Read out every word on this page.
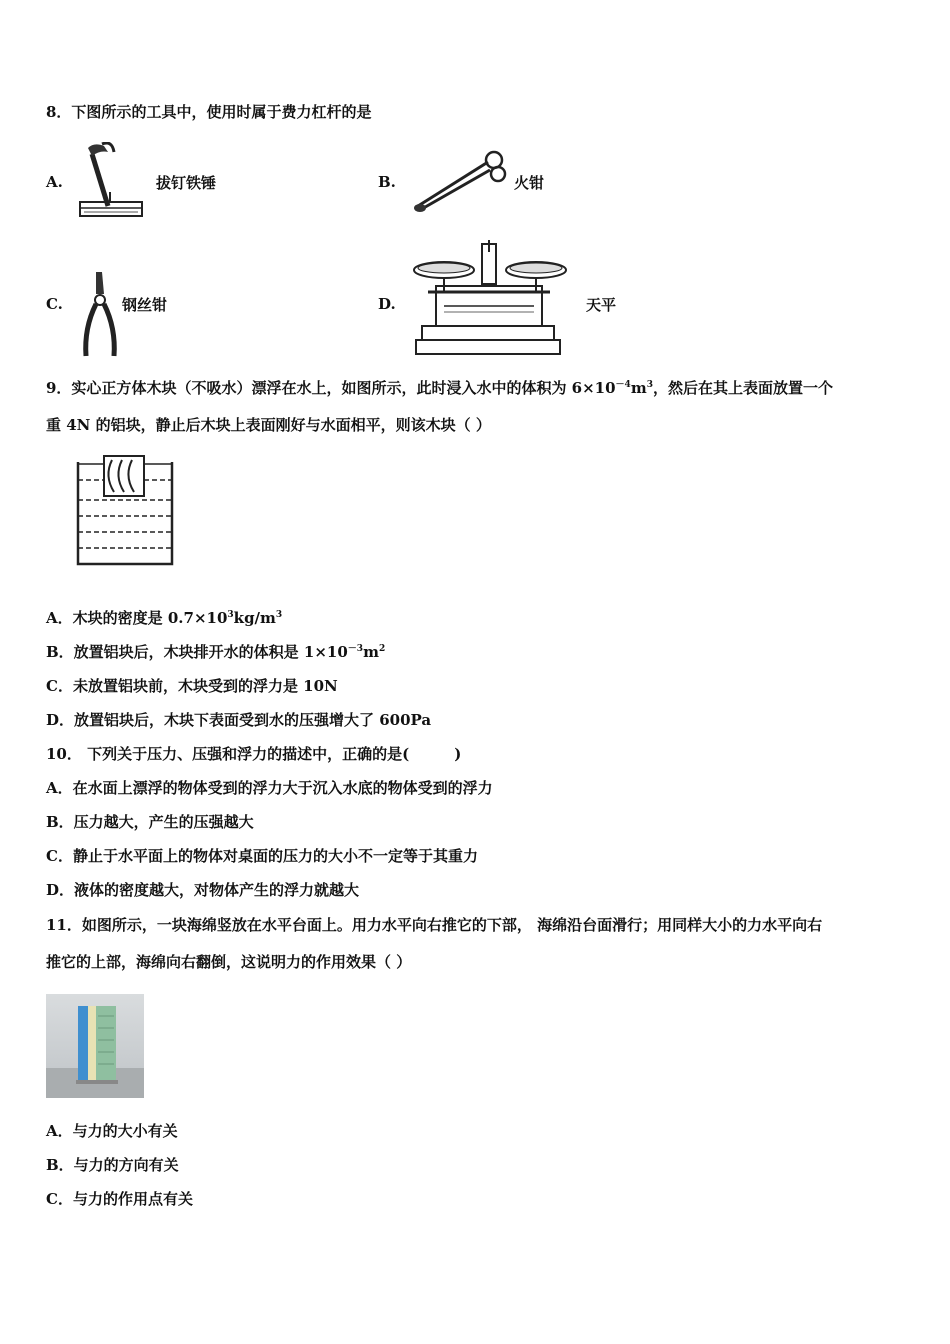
8．下图所示的工具中，使用时属于费力杠杆的是
A.	拔钉铁锤	B.	火钳
C.	钢丝钳	D.	天平
9．实心正方体木块（不吸水）漂浮在水上，如图所示，此时浸入水中的体积为 $6\times 10^{-4}m^3$，然后在其上表面放置一个
重 4N 的铝块，静止后木块上表面刚好与水面相平，则该木块（ ）
A．木块的密度是 $0.7\times 10^3kg/m^3$
B．放置铝块后，木块排开水的体积是 $1\times 10^{-3}m^2$
C．未放置铝块前，木块受到的浮力是 10N
D．放置铝块后，木块下表面受到水的压强增大了 600Pa
10． 下列关于压力、压强和浮力的描述中，正确的是(　　　)
A．在水面上漂浮的物体受到的浮力大于沉入水底的物体受到的浮力
B．压力越大，产生的压强越大
C．静止于水平面上的物体对桌面的压力的大小不一定等于其重力
D．液体的密度越大，对物体产生的浮力就越大
11．如图所示，一块海绵竖放在水平台面上。用力水平向右推它的下部， 海绵沿台面滑行；用同样大小的力水平向右
推它的上部，海绵向右翻倒，这说明力的作用效果（ ）
A．与力的大小有关
B．与力的方向有关
C．与力的作用点有关
